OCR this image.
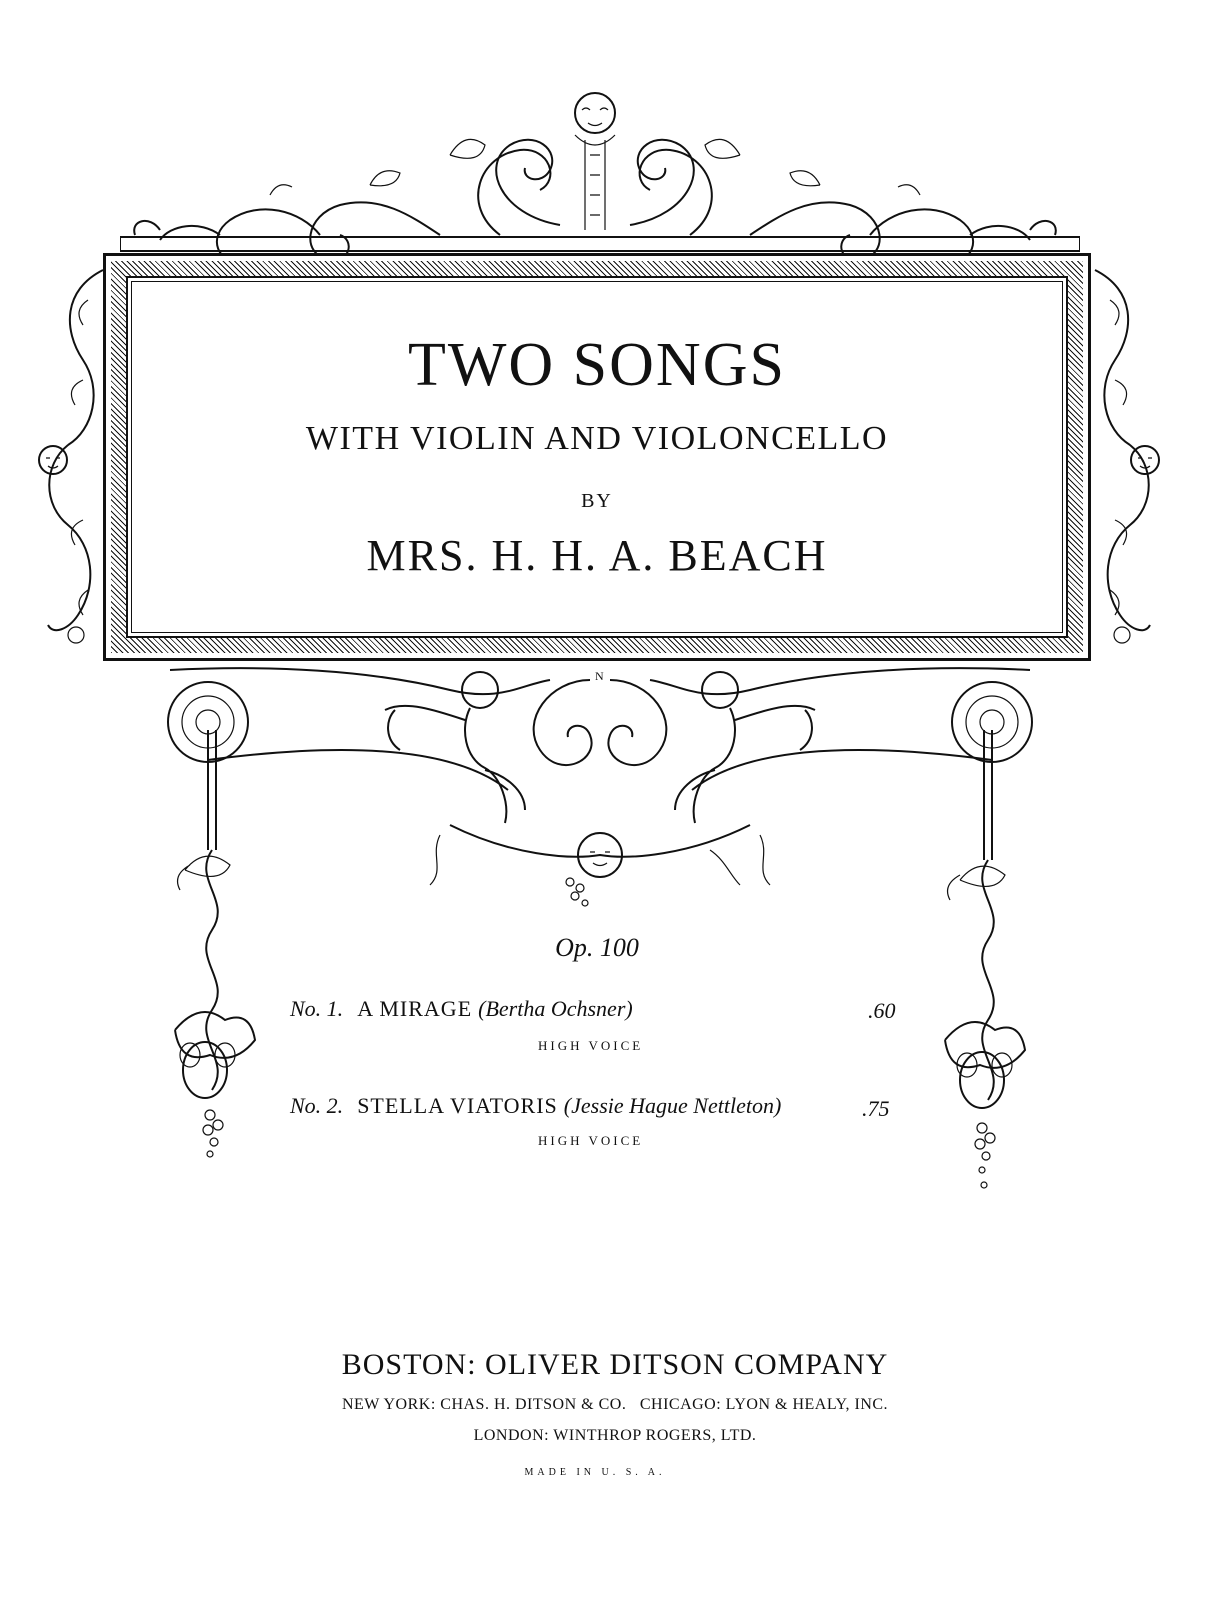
TWO SONGS
WITH VIOLIN AND VIOLONCELLO
BY
MRS. H. H. A. BEACH
N
Op. 100
No. 1. A MIRAGE (Bertha Ochsner)	.60
HIGH VOICE
No. 2. STELLA VIATORIS (Jessie Hague Nettleton)	.75
HIGH VOICE
BOSTON: OLIVER DITSON COMPANY
NEW YORK: CHAS. H. DITSON & CO.   CHICAGO: LYON & HEALY, INC.
LONDON: WINTHROP ROGERS, LTD.
MADE IN U. S. A.
